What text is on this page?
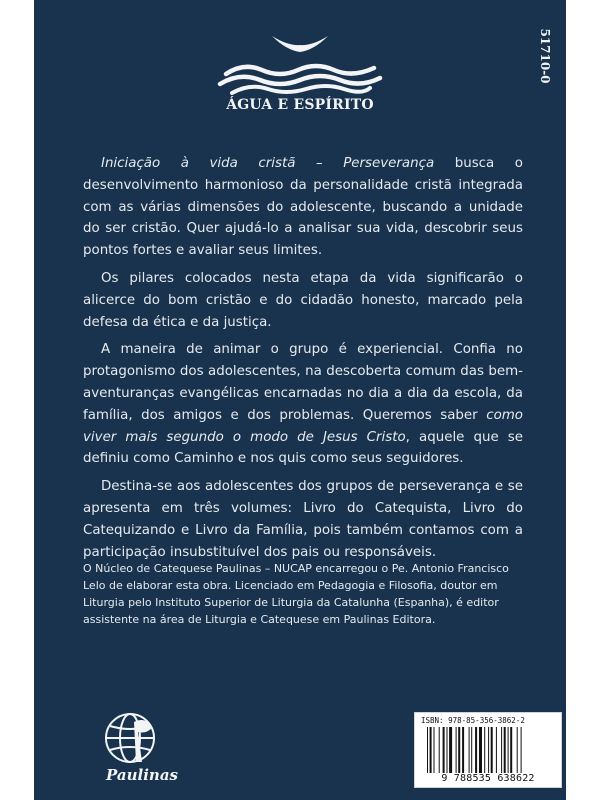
ÁGUA E ESPÍRITO
51710-0

Iniciação à vida cristã – Perseverança busca o desenvolvimento harmonioso da personalidade cristã integrada com as várias dimensões do adolescente, buscando a unidade do ser cristão. Quer ajudá-lo a analisar sua vida, descobrir seus pontos fortes e avaliar seus limites.

Os pilares colocados nesta etapa da vida significarão o alicerce do bom cristão e do cidadão honesto, marcado pela defesa da ética e da justiça.

A maneira de animar o grupo é experiencial. Confia no protagonismo dos adolescentes, na descoberta comum das bem-aventuranças evangélicas encarnadas no dia a dia da escola, da família, dos amigos e dos problemas. Queremos saber como viver mais segundo o modo de Jesus Cristo, aquele que se definiu como Caminho e nos quis como seus seguidores.

Destina-se aos adolescentes dos grupos de perseverança e se apresenta em três volumes: Livro do Catequista, Livro do Catequizando e Livro da Família, pois também contamos com a participação insubstituível dos pais ou responsáveis.

O Núcleo de Catequese Paulinas – NUCAP encarregou o Pe. Antonio Francisco Lelo de elaborar esta obra. Licenciado em Pedagogia e Filosofia, doutor em Liturgia pelo Instituto Superior de Liturgia da Catalunha (Espanha), é editor assistente na área de Liturgia e Catequese em Paulinas Editora.
Paulinas
ISBN: 978-85-356-3862-2
9 788535 638622
